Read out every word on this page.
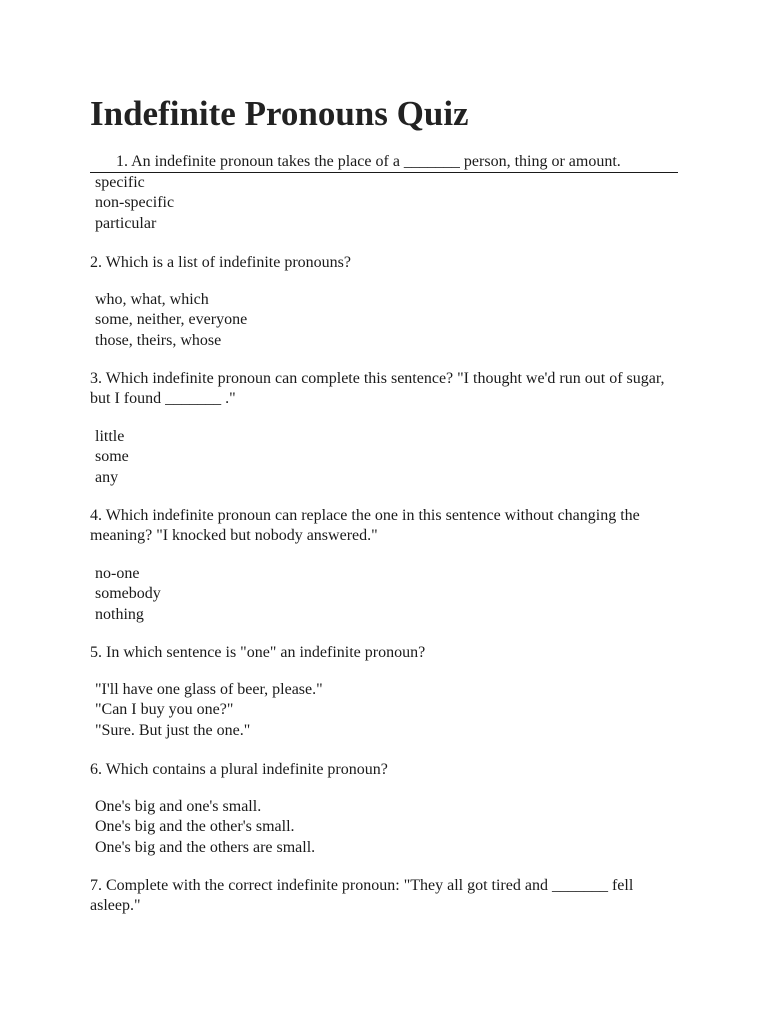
Indefinite Pronouns Quiz
1. An indefinite pronoun takes the place of a _______ person, thing or amount.
specific
non-specific
particular

2. Which is a list of indefinite pronouns?

who, what, which
some, neither, everyone
those, theirs, whose

3. Which indefinite pronoun can complete this sentence? "I thought we'd run out of sugar, but I found _______ ."

little
some
any

4. Which indefinite pronoun can replace the one in this sentence without changing the meaning? "I knocked but nobody answered."

no-one
somebody
nothing

5. In which sentence is "one" an indefinite pronoun?

"I'll have one glass of beer, please."
"Can I buy you one?"
"Sure. But just the one."

6. Which contains a plural indefinite pronoun?

One's big and one's small.
One's big and the other's small.
One's big and the others are small.

7. Complete with the correct indefinite pronoun: "They all got tired and _______ fell asleep."
